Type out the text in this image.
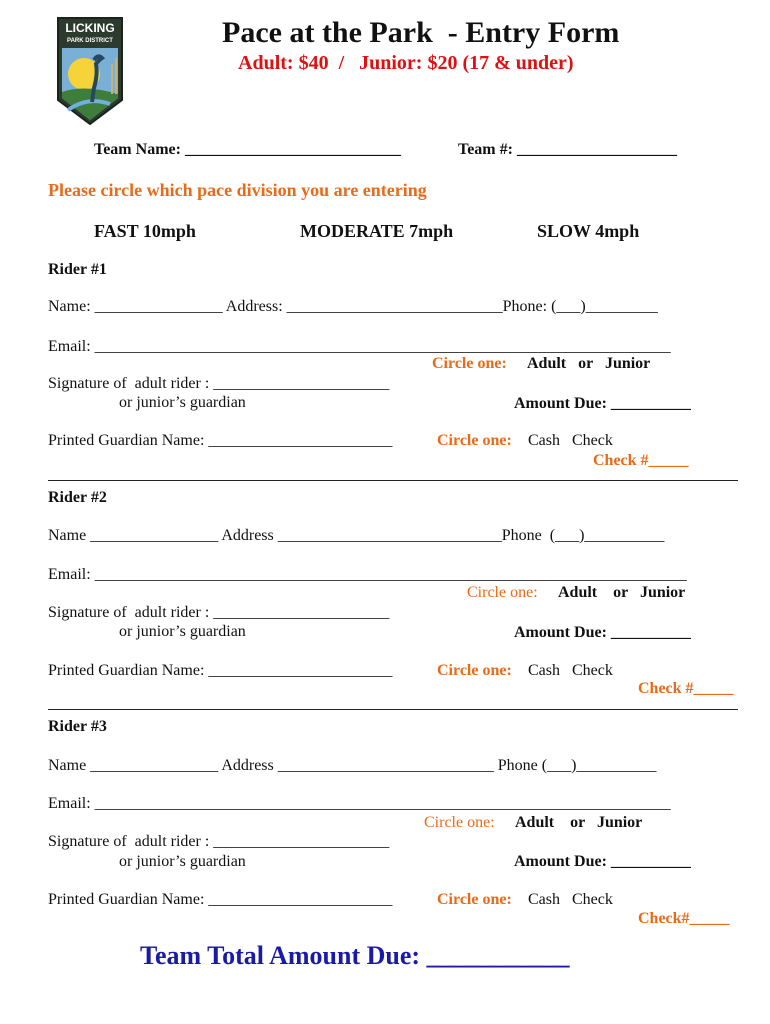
LICKING
PARK DISTRICT	Pace at the Park  - Entry Form
Adult: $40  /   Junior: $20 (17 & under)
Team Name: ___________________________	Team #: ____________________
Please circle which pace division you are entering
FAST 10mph	MODERATE 7mph	SLOW 4mph
Rider #1
Name: ________________ Address: ___________________________Phone: (___)_________
Email: ________________________________________________________________________
Circle one: Adult   or   Junior
Signature of  adult rider : ______________________
or junior’s guardian	Amount Due: __________
Printed Guardian Name: _______________________	Circle one: Cash   Check
Check #_____
Rider #2
Name ________________ Address ____________________________Phone  (___)__________
Email: __________________________________________________________________________
Circle one: Adult    or   Junior
Signature of  adult rider : ______________________
or junior’s guardian	Amount Due: __________
Printed Guardian Name: _______________________	Circle one: Cash   Check
Check #_____
Rider #3
Name ________________ Address ___________________________ Phone (___)__________
Email: ________________________________________________________________________
Circle one: Adult    or   Junior
Signature of  adult rider : ______________________
or junior’s guardian	Amount Due: __________
Printed Guardian Name: _______________________	Circle one: Cash   Check
Check#_____
Team Total Amount Due: ___________
